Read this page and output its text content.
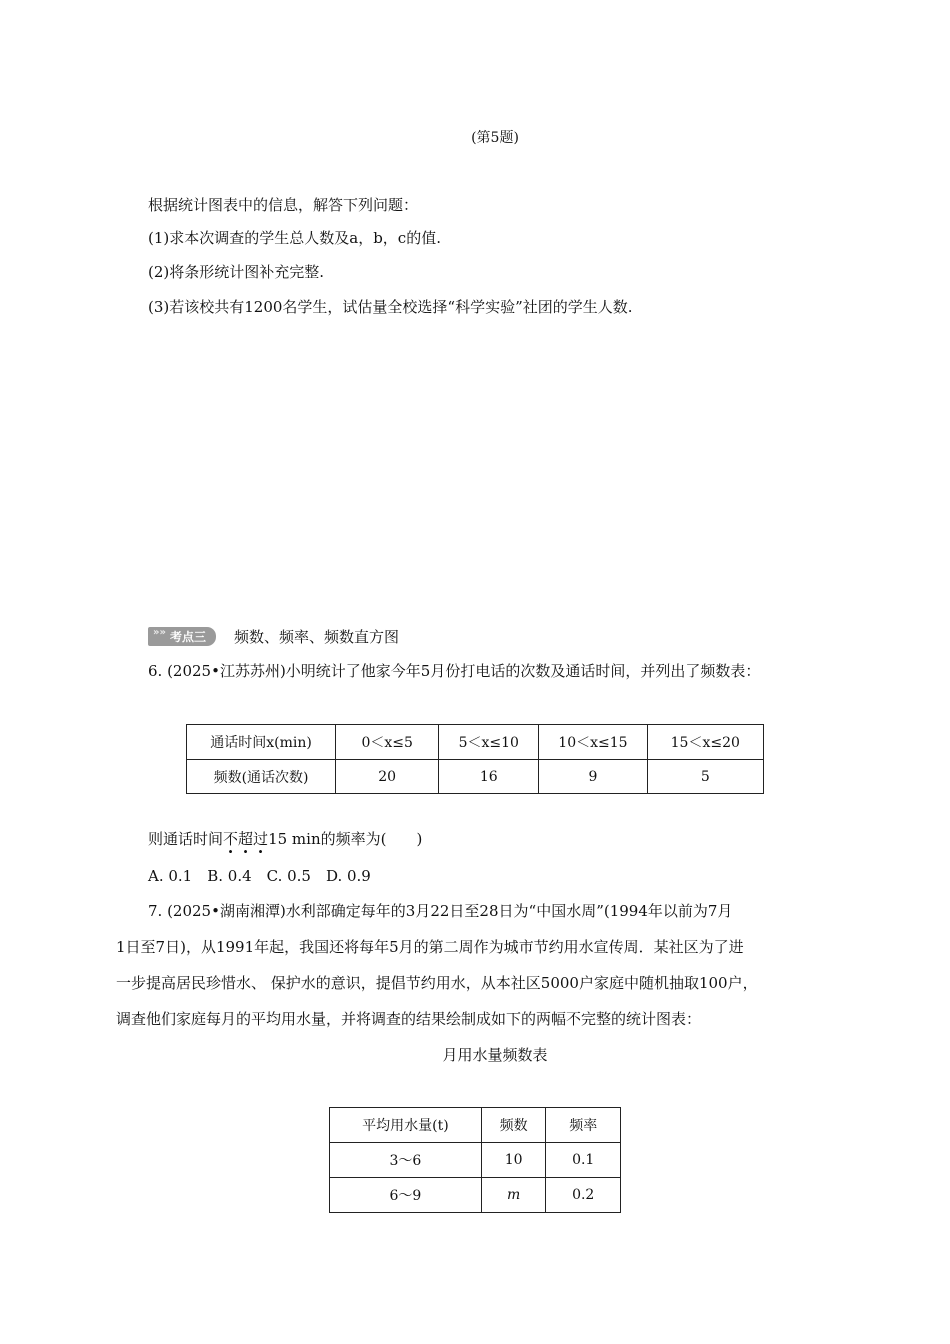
(第5题)
根据统计图表中的信息，解答下列问题：
(1)求本次调查的学生总人数及a，b，c的值.
(2)将条形统计图补充完整.
(3)若该校共有1200名学生，试估量全校选择“科学实验”社团的学生人数.
»» 考点三 频数、频率、频数直方图
6. (2025•江苏苏州)小明统计了他家今年5月份打电话的次数及通话时间，并列出了频数表：
通话时间x(min)	0＜x≤5	5＜x≤10	10＜x≤15	15＜x≤20
频数(通话次数)	20	16	9	5
则通话时间不超过15 min的频率为(　　)
A. 0.1　B. 0.4　C. 0.5　D. 0.9
7. (2025•湖南湘潭)水利部确定每年的3月22日至28日为“中国水周”(1994年以前为7月
1日至7日)，从1991年起，我国还将每年5月的第二周作为城市节约用水宣传周．某社区为了进
一步提高居民珍惜水、 保护水的意识，提倡节约用水，从本社区5000户家庭中随机抽取100户，
调查他们家庭每月的平均用水量，并将调查的结果绘制成如下的两幅不完整的统计图表：
月用水量频数表
平均用水量(t)	频数	频率
3～6	10	0.1
6～9	m	0.2
